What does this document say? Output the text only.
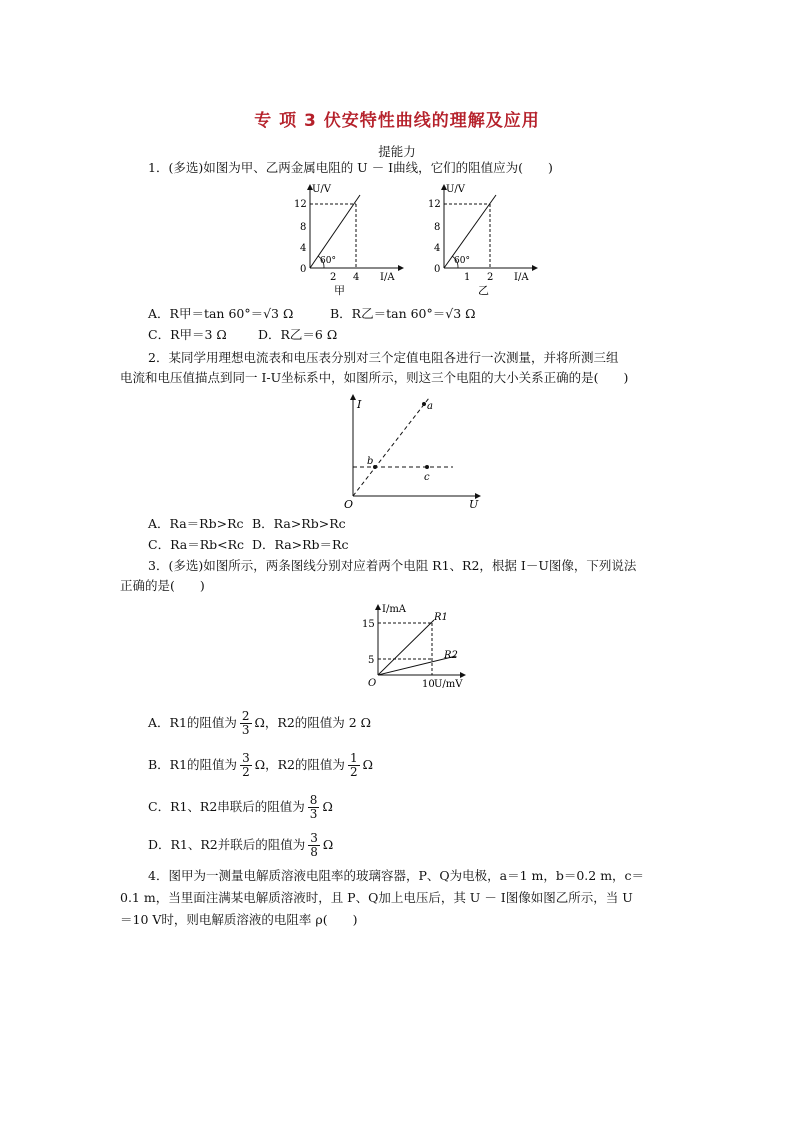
专 项 3 伏安特性曲线的理解及应用
提能力
1．(多选)如图为甲、乙两金属电阻的 U － I曲线，它们的阻值应为(　　)
U/V
12
8
4
0
2 4 I/A
60°
甲
U/V
12
8
4
0
1 2 I/A
60°
乙
A．R甲＝tan 60°＝√3 Ω	B．R乙＝tan 60°＝√3 Ω
C．R甲＝3 Ω D．R乙＝6 Ω
2．某同学用理想电流表和电压表分别对三个定值电阻各进行一次测量，并将所测三组
电流和电压值描点到同一 I-U坐标系中，如图所示，则这三个电阻的大小关系正确的是(　　)
I
U
O
a
b
c
A．Ra＝Rb>Rc B．Ra>Rb>Rc
C．Ra＝Rb<Rc D．Ra>Rb＝Rc
3．(多选)如图所示，两条图线分别对应着两个电阻 R1、R2，根据 I－U图像，下列说法
正确的是(　　)
I/mA
15
5
O	10 U/mV
R1
R2
A．R1的阻值为 $\frac{2}{3}$ Ω，R2的阻值为 2 Ω
B．R1的阻值为 $\frac{3}{2}$ Ω，R2的阻值为 $\frac{1}{2}$ Ω
C．R1、R2串联后的阻值为 $\frac{8}{3}$ Ω
D．R1、R2并联后的阻值为 $\frac{3}{8}$ Ω
4．图甲为一测量电解质溶液电阻率的玻璃容器，P、Q为电极，a＝1 m，b＝0.2 m，c＝
0.1 m，当里面注满某电解质溶液时，且 P、Q加上电压后，其 U － I图像如图乙所示，当 U
＝10 V时，则电解质溶液的电阻率 ρ(　　)
